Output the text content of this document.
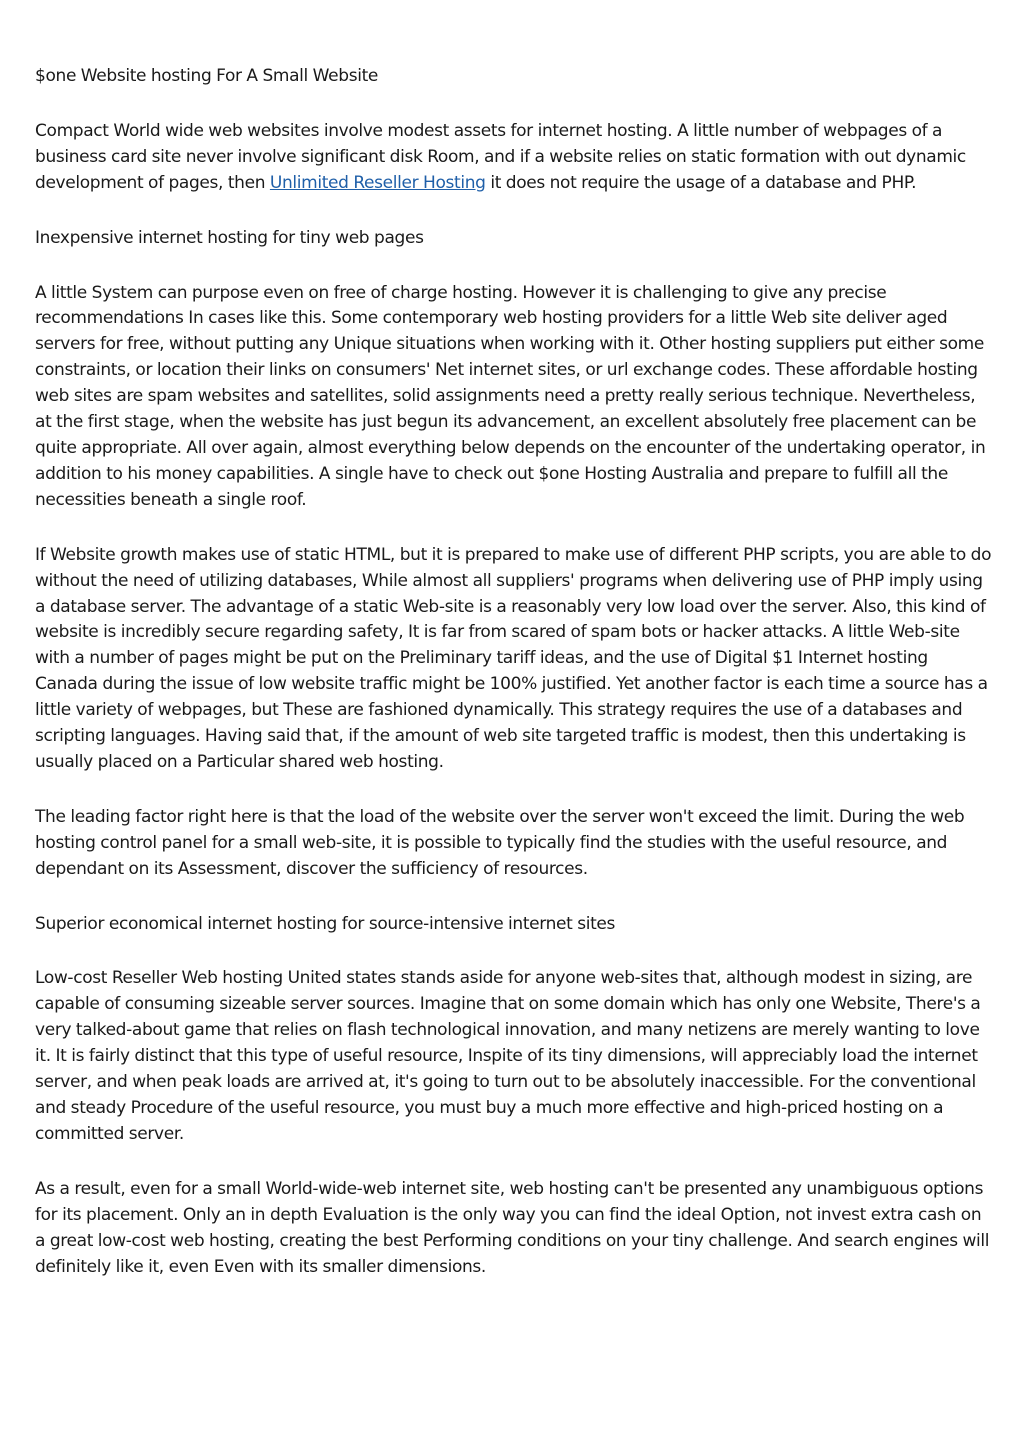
$one Website hosting For A Small Website

Compact World wide web websites involve modest assets for internet hosting. A little number of webpages of a business card site never involve significant disk Room, and if a website relies on static formation with out dynamic development of pages, then Unlimited Reseller Hosting it does not require the usage of a database and PHP.

Inexpensive internet hosting for tiny web pages

A little System can purpose even on free of charge hosting. However it is challenging to give any precise recommendations In cases like this. Some contemporary web hosting providers for a little Web site deliver aged servers for free, without putting any Unique situations when working with it. Other hosting suppliers put either some constraints, or location their links on consumers' Net internet sites, or url exchange codes. These affordable hosting web sites are spam websites and satellites, solid assignments need a pretty really serious technique. Nevertheless, at the first stage, when the website has just begun its advancement, an excellent absolutely free placement can be quite appropriate. All over again, almost everything below depends on the encounter of the undertaking operator, in addition to his money capabilities. A single have to check out $one Hosting Australia and prepare to fulfill all the necessities beneath a single roof.

If Website growth makes use of static HTML, but it is prepared to make use of different PHP scripts, you are able to do without the need of utilizing databases, While almost all suppliers' programs when delivering use of PHP imply using a database server. The advantage of a static Web-site is a reasonably very low load over the server. Also, this kind of website is incredibly secure regarding safety, It is far from scared of spam bots or hacker attacks. A little Web-site with a number of pages might be put on the Preliminary tariff ideas, and the use of Digital $1 Internet hosting Canada during the issue of low website traffic might be 100% justified. Yet another factor is each time a source has a little variety of webpages, but These are fashioned dynamically. This strategy requires the use of a databases and scripting languages. Having said that, if the amount of web site targeted traffic is modest, then this undertaking is usually placed on a Particular shared web hosting.

The leading factor right here is that the load of the website over the server won't exceed the limit. During the web hosting control panel for a small web-site, it is possible to typically find the studies with the useful resource, and dependant on its Assessment, discover the sufficiency of resources.

Superior economical internet hosting for source-intensive internet sites

Low-cost Reseller Web hosting United states stands aside for anyone web-sites that, although modest in sizing, are capable of consuming sizeable server sources. Imagine that on some domain which has only one Website, There's a very talked-about game that relies on flash technological innovation, and many netizens are merely wanting to love it. It is fairly distinct that this type of useful resource, Inspite of its tiny dimensions, will appreciably load the internet server, and when peak loads are arrived at, it's going to turn out to be absolutely inaccessible. For the conventional and steady Procedure of the useful resource, you must buy a much more effective and high-priced hosting on a committed server.

As a result, even for a small World-wide-web internet site, web hosting can't be presented any unambiguous options for its placement. Only an in depth Evaluation is the only way you can find the ideal Option, not invest extra cash on a great low-cost web hosting, creating the best Performing conditions on your tiny challenge. And search engines will definitely like it, even Even with its smaller dimensions.
